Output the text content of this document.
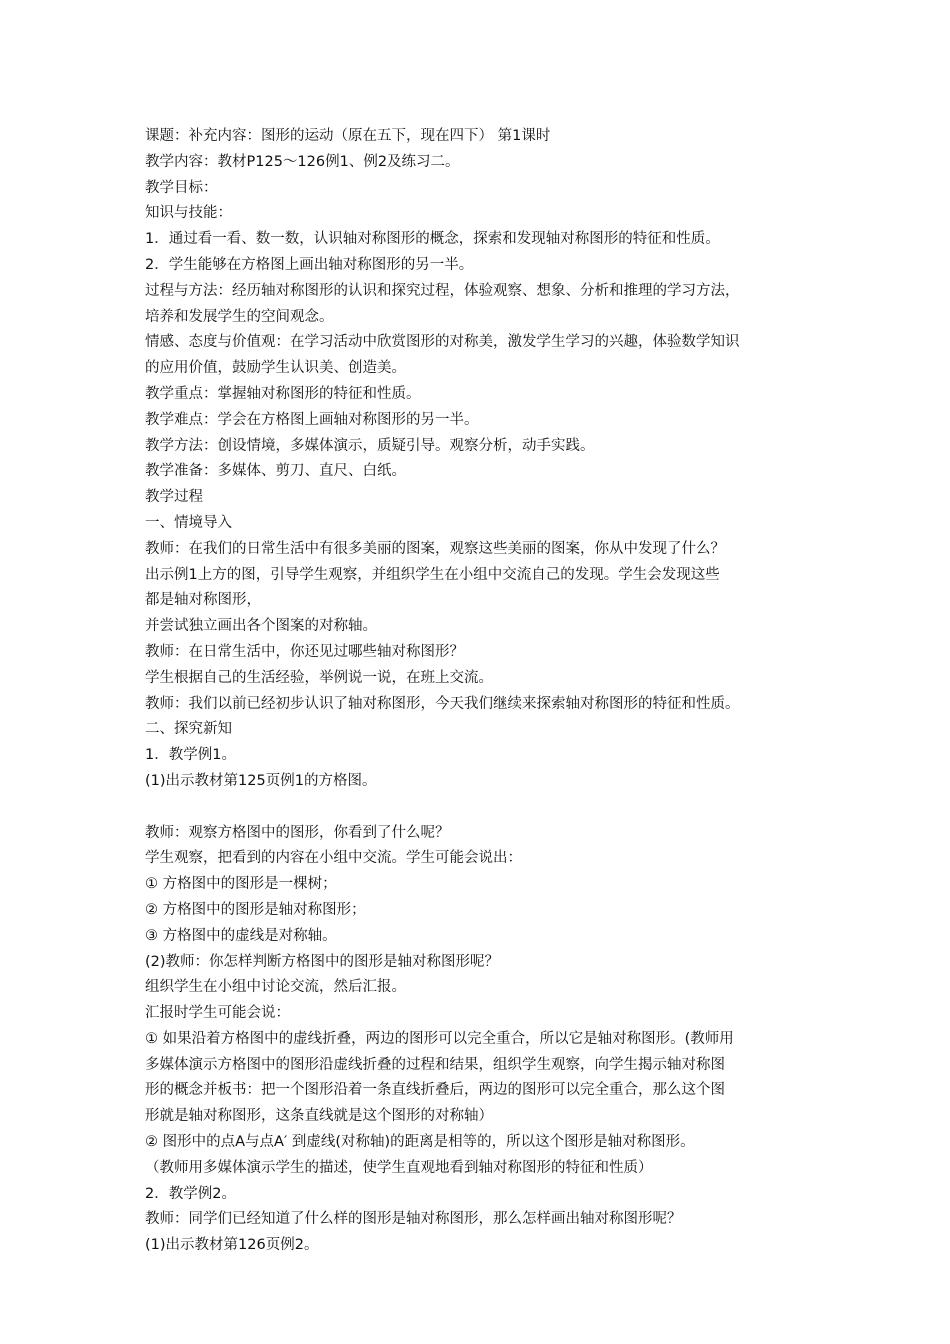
课题：补充内容：图形的运动（原在五下，现在四下） 第1课时
教学内容：教材P125～126例1、例2及练习二。
教学目标：
知识与技能：
1．通过看一看、数一数，认识轴对称图形的概念，探索和发现轴对称图形的特征和性质。
2．学生能够在方格图上画出轴对称图形的另一半。
过程与方法：经历轴对称图形的认识和探究过程，体验观察、想象、分析和推理的学习方法，
培养和发展学生的空间观念。
情感、态度与价值观：在学习活动中欣赏图形的对称美，激发学生学习的兴趣，体验数学知识
的应用价值，鼓励学生认识美、创造美。
教学重点：掌握轴对称图形的特征和性质。
教学难点：学会在方格图上画轴对称图形的另一半。
教学方法：创设情境，多媒体演示，质疑引导。观察分析，动手实践。
教学准备：多媒体、剪刀、直尺、白纸。
教学过程
一、情境导入
教师：在我们的日常生活中有很多美丽的图案，观察这些美丽的图案，你从中发现了什么？
出示例1上方的图，引导学生观察，并组织学生在小组中交流自己的发现。学生会发现这些
都是轴对称图形，
并尝试独立画出各个图案的对称轴。
教师：在日常生活中，你还见过哪些轴对称图形？
学生根据自己的生活经验，举例说一说，在班上交流。
教师：我们以前已经初步认识了轴对称图形，今天我们继续来探索轴对称图形的特征和性质。
二、探究新知
1．教学例1。
(1)出示教材第125页例1的方格图。
教师：观察方格图中的图形，你看到了什么呢？
学生观察，把看到的内容在小组中交流。学生可能会说出：
① 方格图中的图形是一棵树；
② 方格图中的图形是轴对称图形；
③ 方格图中的虚线是对称轴。
(2)教师：你怎样判断方格图中的图形是轴对称图形呢？
组织学生在小组中讨论交流，然后汇报。
汇报时学生可能会说：
① 如果沿着方格图中的虚线折叠，两边的图形可以完全重合，所以它是轴对称图形。(教师用
多媒体演示方格图中的图形沿虚线折叠的过程和结果，组织学生观察，向学生揭示轴对称图
形的概念并板书：把一个图形沿着一条直线折叠后，两边的图形可以完全重合，那么这个图
形就是轴对称图形，这条直线就是这个图形的对称轴）
② 图形中的点A与点A′ 到虚线(对称轴)的距离是相等的，所以这个图形是轴对称图形。
（教师用多媒体演示学生的描述，使学生直观地看到轴对称图形的特征和性质）
2．教学例2。
教师：同学们已经知道了什么样的图形是轴对称图形，那么怎样画出轴对称图形呢？
(1)出示教材第126页例2。
